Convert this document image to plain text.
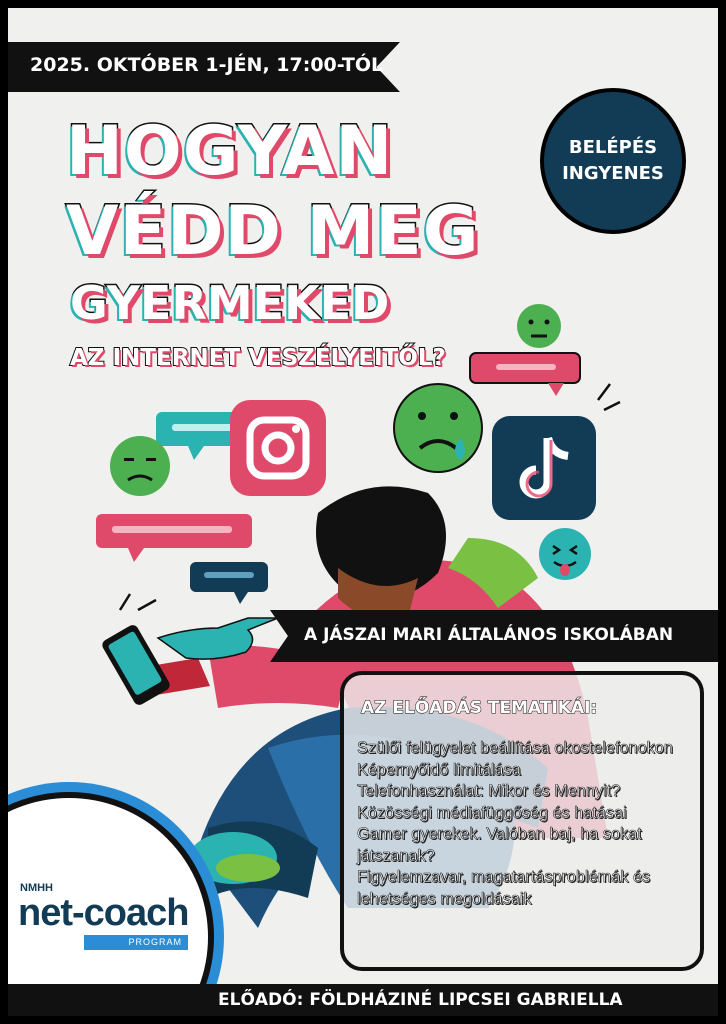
2025. OKTÓBER 1-JÉN, 17:00-TÓL
HOGYAN
VÉDD MEG
GYERMEKED
AZ INTERNET VESZÉLYEITŐL?
BELÉPÉS
INGYENES
A JÁSZAI MARI ÁLTALÁNOS ISKOLÁBAN
AZ ELŐADÁS TEMATIKÁI:
Szülői felügyelet beállítása okostelefonokon
Képernyőidő limitálása
Telefonhasználat: Mikor és Mennyit?
Közösségi médiafüggőség és hatásai
Gamer gyerekek. Valóban baj, ha sokat játszanak?
Figyelemzavar, magatartásproblémák és lehetséges megoldásaik
NMHH
net-coach
PROGRAM
ELŐADÓ: FÖLDHÁZINÉ LIPCSEI GABRIELLA
